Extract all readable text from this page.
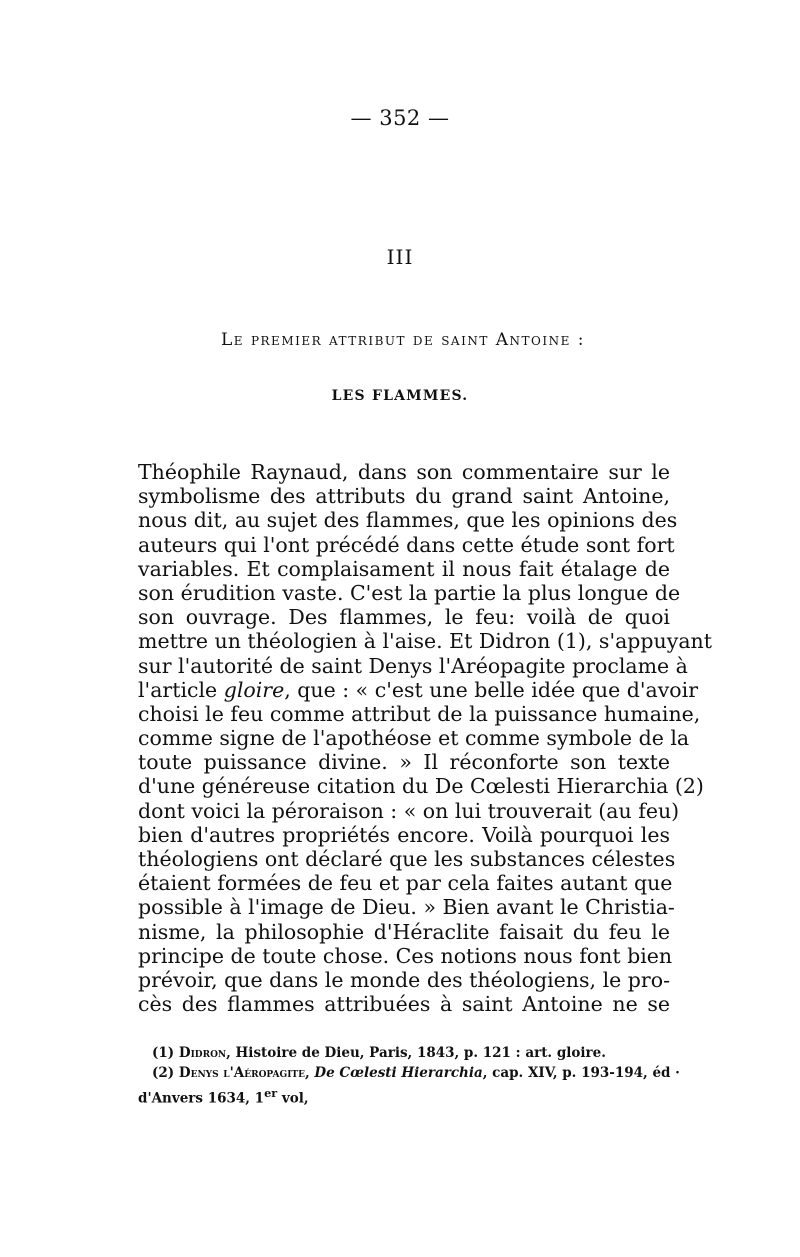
— 352 —
III
Le premier attribut de saint Antoine :
LES FLAMMES.
Théophile Raynaud, dans son commentaire sur le
symbolisme des attributs du grand saint Antoine,
nous dit, au sujet des flammes, que les opinions des
auteurs qui l'ont précédé dans cette étude sont fort
variables. Et complaisament il nous fait étalage de
son érudition vaste. C'est la partie la plus longue de
son ouvrage. Des flammes, le feu: voilà de quoi
mettre un théologien à l'aise. Et Didron (1), s'appuyant
sur l'autorité de saint Denys l'Aréopagite proclame à
l'article gloire, que : « c'est une belle idée que d'avoir
choisi le feu comme attribut de la puissance humaine,
comme signe de l'apothéose et comme symbole de la
toute puissance divine. » Il réconforte son texte
d'une généreuse citation du De Cœlesti Hierarchia (2)
dont voici la péroraison : « on lui trouverait (au feu)
bien d'autres propriétés encore. Voilà pourquoi les
théologiens ont déclaré que les substances célestes
étaient formées de feu et par cela faites autant que
possible à l'image de Dieu. » Bien avant le Christia-
nisme, la philosophie d'Héraclite faisait du feu le
principe de toute chose. Ces notions nous font bien
prévoir, que dans le monde des théologiens, le pro-
cès des flammes attribuées à saint Antoine ne se
(1) Didron, Histoire de Dieu, Paris, 1843, p. 121 : art. gloire.
(2) Denys l'Aéropagite, De Cœlesti Hierarchia, cap. XIV, p. 193-194, éd ·
d'Anvers 1634, 1er vol,
